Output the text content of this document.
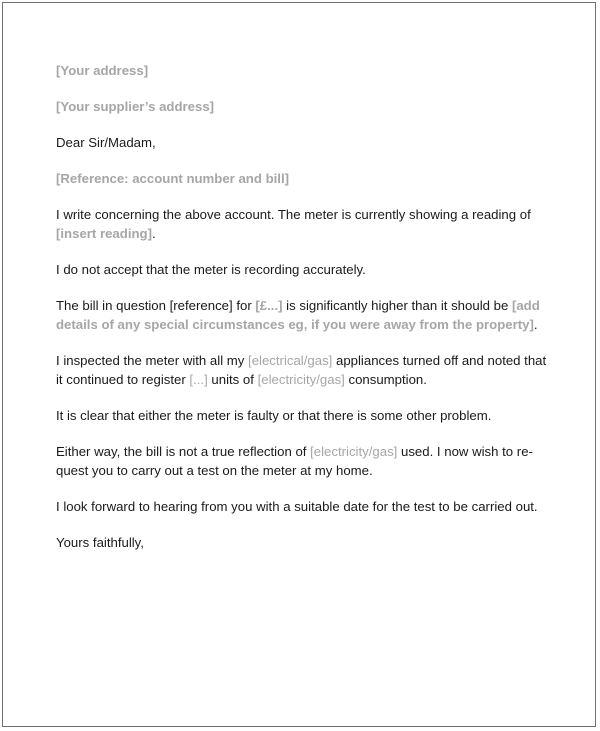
[Your address]

[Your supplier’s address]

Dear Sir/Madam,

[Reference: account number and bill]

I write concerning the above account. The meter is currently showing a reading of [insert reading].

I do not accept that the meter is recording accurately.

The bill in question [reference] for [£...] is significantly higher than it should be [add details of any special circumstances eg, if you were away from the property].

I inspected the meter with all my [electrical/gas] appliances turned off and noted that it continued to register [...] units of [electricity/gas] consumption.

It is clear that either the meter is faulty or that there is some other problem.

Either way, the bill is not a true reflection of [electricity/gas] used. I now wish to re-quest you to carry out a test on the meter at my home.

I look forward to hearing from you with a suitable date for the test to be carried out.

Yours faithfully,
